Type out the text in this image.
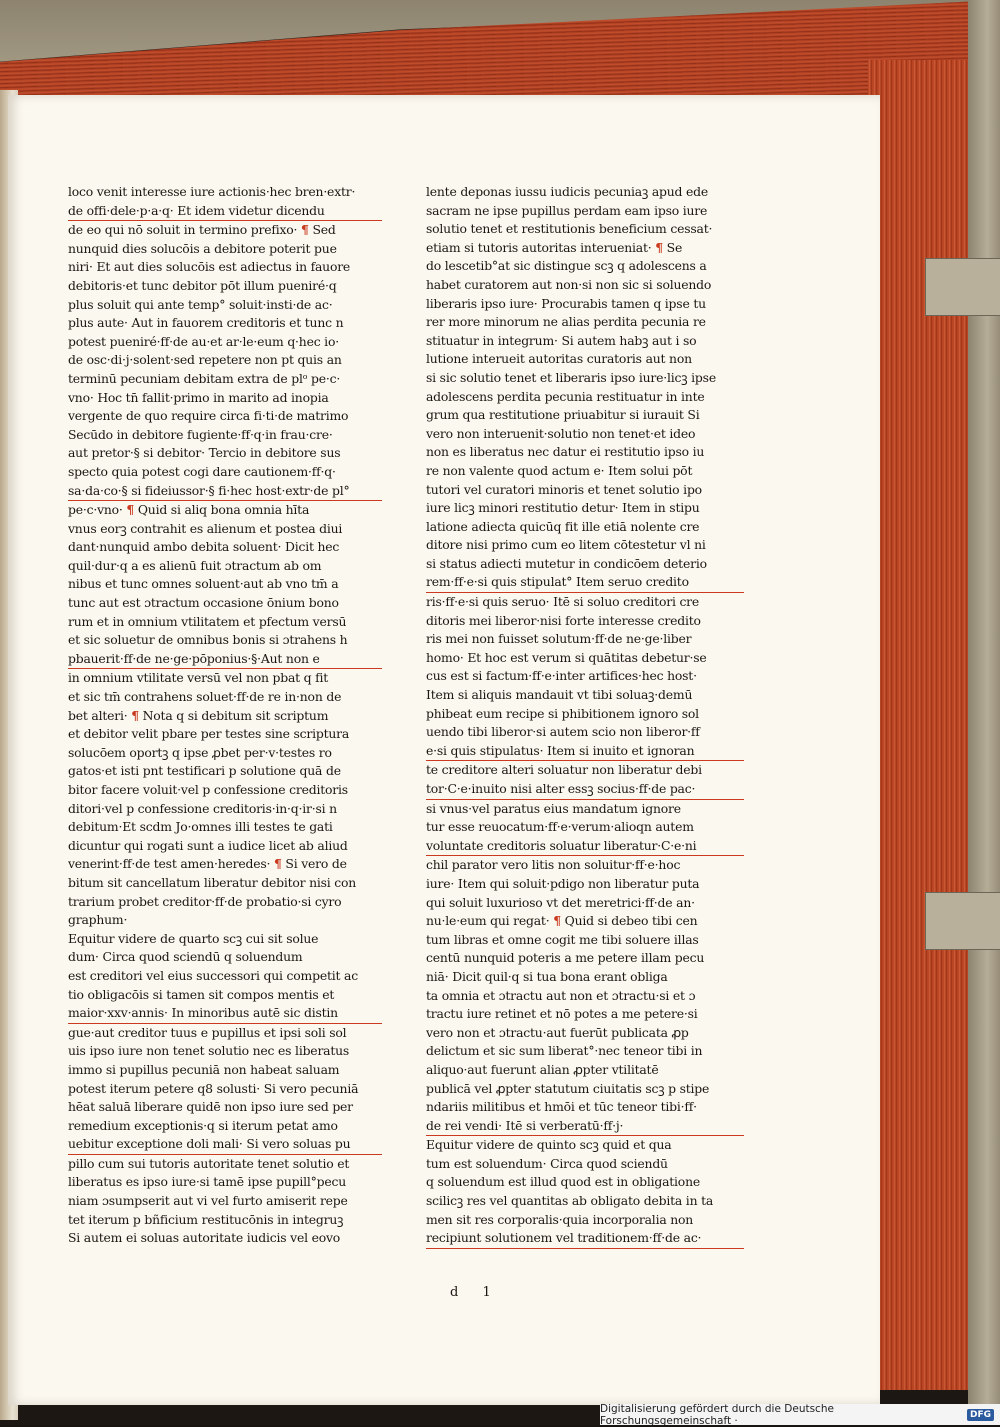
loco venit interesse iure actionis·hec bren·extr·
de offi·dele·p·a·q· Et idem videtur dicendu
de eo qui nō soluit in termino prefixo· ¶ Sed
nunquid dies solucōis a debitore poterit pue
niri· Et aut dies solucōis est adiectus in fauore
debitoris·et tunc debitor pōt illum pueniré·q
plus soluit qui ante temp° soluit·insti·de ac·
plus aute· Aut in fauorem creditoris et tunc n
potest pueniré·ff·de au·et ar·le·eum q·hec io·
de osc·di·j·solent·sed repetere non pt quis an
terminū pecuniam debitam extra de plᵒ pe·c·
vno· Hoc tn̄ fallit·primo in marito ad inopia
vergente de quo require circa fi·ti·de matrimo
Secūdo in debitore fugiente·ff·q·in frau·cre·
aut pretor·§ si debitor· Tercio in debitore sus
specto quia potest cogi dare cautionem·ff·q·
sa·da·co·§ si fideiussor·§ fi·hec host·extr·de pl°
pe·c·vno· ¶ Quid si aliq bona omnia hīta
vnus eorꝫ contrahit es alienum et postea diui
dant·nunquid ambo debita soluent· Dicit hec
quil·dur·q a es alienū fuit ɔtractum ab om
nibus et tunc omnes soluent·aut ab vno tm̄ a
tunc aut est ɔtractum occasione ōnium bono
rum et in omnium vtilitatem et pfectum versū
et sic soluetur de omnibus bonis si ɔtrahens h
pbauerit·ff·de ne·ge·pōponius·§·Aut non e
in omnium vtilitate versū vel non pbat q fit
et sic tm̄ contrahens soluet·ff·de re in·non de
bet alteri· ¶ Nota q si debitum sit scriptum
et debitor velit pbare per testes sine scriptura
solucōem oportꝫ q ipse ꝓbet per·v·testes ro
gatos·et isti pnt testificari p solutione quā de
bitor facere voluit·vel p confessione creditoris
ditori·vel p confessione creditoris·in·q·ir·si n
debitum·Et scdm Jo·omnes illi testes te gati
dicuntur qui rogati sunt a iudice licet ab aliud
venerint·ff·de test amen·heredes· ¶ Si vero de
bitum sit cancellatum liberatur debitor nisi con
trarium probet creditor·ff·de probatio·si cyro
graphum·
Equitur videre de quarto scꝫ cui sit solue
dum· Circa quod sciendū q soluendum
est creditori vel eius successori qui competit ac
tio obligacōis si tamen sit compos mentis et
maior·xxv·annis· In minoribus autē sic distin
gue·aut creditor tuus e pupillus et ipsi soli sol
uis ipso iure non tenet solutio nec es liberatus
immo si pupillus pecuniā non habeat saluam
potest iterum petere q8 solusti· Si vero pecuniā
hēat saluā liberare quidē non ipso iure sed per
remedium exceptionis·q si iterum petat amo
uebitur exceptione doli mali· Si vero soluas pu
pillo cum sui tutoris autoritate tenet solutio et
liberatus es ipso iure·si tamē ipse pupill°pecu
niam ɔsumpserit aut vi vel furto amiserit repe
tet iterum p bñficium restitucōnis in integruꝫ
Si autem ei soluas autoritate iudicis vel eovo
lente deponas iussu iudicis pecuniaꝫ apud ede
sacram ne ipse pupillus perdam eam ipso iure
solutio tenet et restitutionis beneficium cessat·
etiam si tutoris autoritas interueniat· ¶ Se
do lescetib°at sic distingue scꝫ q adolescens a
habet curatorem aut non·si non sic si soluendo
liberaris ipso iure· Procurabis tamen q ipse tu
rer more minorum ne alias perdita pecunia re
stituatur in integrum· Si autem habꝫ aut i so
lutione interueit autoritas curatoris aut non
si sic solutio tenet et liberaris ipso iure·licꝫ ipse
adolescens perdita pecunia restituatur in inte
grum qua restitutione priuabitur si iurauit Si
vero non interuenit·solutio non tenet·et ideo
non es liberatus nec datur ei restitutio ipso iu
re non valente quod actum e· Item solui pōt
tutori vel curatori minoris et tenet solutio ipo
iure licꝫ minori restitutio detur· Item in stipu
latione adiecta quicūq fit ille etiā nolente cre
ditore nisi primo cum eo litem cōtestetur vl ni
si status adiecti mutetur in condicōem deterio
rem·ff·e·si quis stipulat° Item seruo credito
ris·ff·e·si quis seruo· Itē si soluo creditori cre
ditoris mei liberor·nisi forte interesse credito
ris mei non fuisset solutum·ff·de ne·ge·liber
homo· Et hoc est verum si quātitas debetur·se
cus est si factum·ff·e·inter artifices·hec host·
Item si aliquis mandauit vt tibi soluaꝫ·demū
phibeat eum recipe si phibitionem ignoro sol
uendo tibi liberor·si autem scio non liberor·ff
e·si quis stipulatus· Item si inuito et ignoran
te creditore alteri soluatur non liberatur debi
tor·C·e·inuito nisi alter essꝫ socius·ff·de pac·
si vnus·vel paratus eius mandatum ignore
tur esse reuocatum·ff·e·verum·alioqn autem
voluntate creditoris soluatur liberatur·C·e·ni
chil parator vero litis non soluitur·ff·e·hoc
iure· Item qui soluit·pdigo non liberatur puta
qui soluit luxurioso vt det meretrici·ff·de an·
nu·le·eum qui regat· ¶ Quid si debeo tibi cen
tum libras et omne cogit me tibi soluere illas
centū nunquid poteris a me petere illam pecu
niā· Dicit quil·q si tua bona erant obliga
ta omnia et ɔtractu aut non et ɔtractu·si et ɔ
tractu iure retinet et nō potes a me petere·si
vero non et ɔtractu·aut fuerūt publicata ꝓp
delictum et sic sum liberat°·nec teneor tibi in
aliquo·aut fuerunt alian ꝓpter vtilitatē
publicā vel ꝓpter statutum ciuitatis scꝫ p stipe
ndariis militibus et hmōi et tūc teneor tibi·ff·
de rei vendi· Itē si verberatū·ff·j·
Equitur videre de quinto scꝫ quid et qua
tum est soluendum· Circa quod sciendū
q soluendum est illud quod est in obligatione
scilicꝫ res vel quantitas ab obligato debita in ta
men sit res corporalis·quia incorporalia non
recipiunt solutionem vel traditionem·ff·de ac·
d 1
Digitalisierung gefördert durch die Deutsche Forschungsgemeinschaft ·	DFG
